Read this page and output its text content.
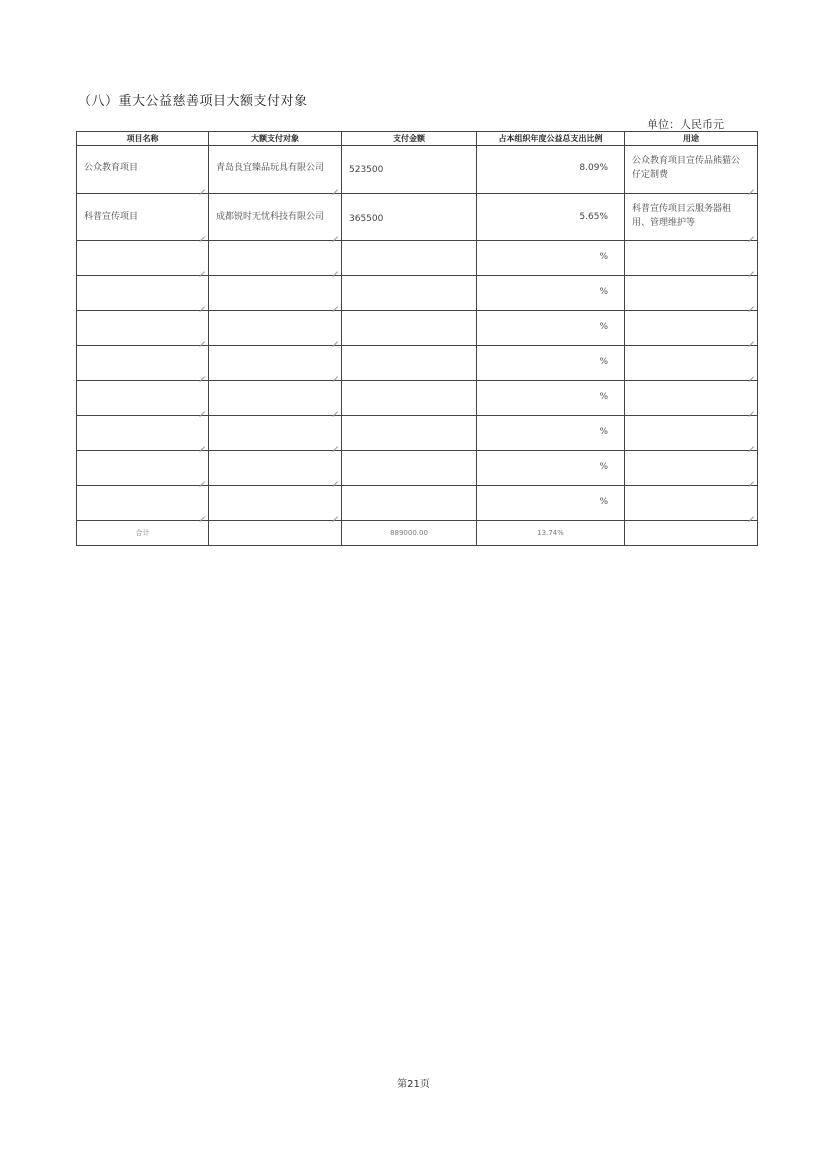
（八）重大公益慈善项目大额支付对象
单位：人民币元
项目名称	大额支付对象	支付金额	占本组织年度公益总支出比例	用途

公众教育项目	青岛良宜臻品玩具有限公司	523500	8.09%	公众教育项目宣传品熊猫公仔定制费

科普宣传项目	成都锐时无忧科技有限公司	365500	5.65%	科普宣传项目云服务器租用、管理维护等

			%	

			%	

			%	

			%	

			%	

			%	

			%	

			%	

合计		889000.00	13.74%	
第21页
